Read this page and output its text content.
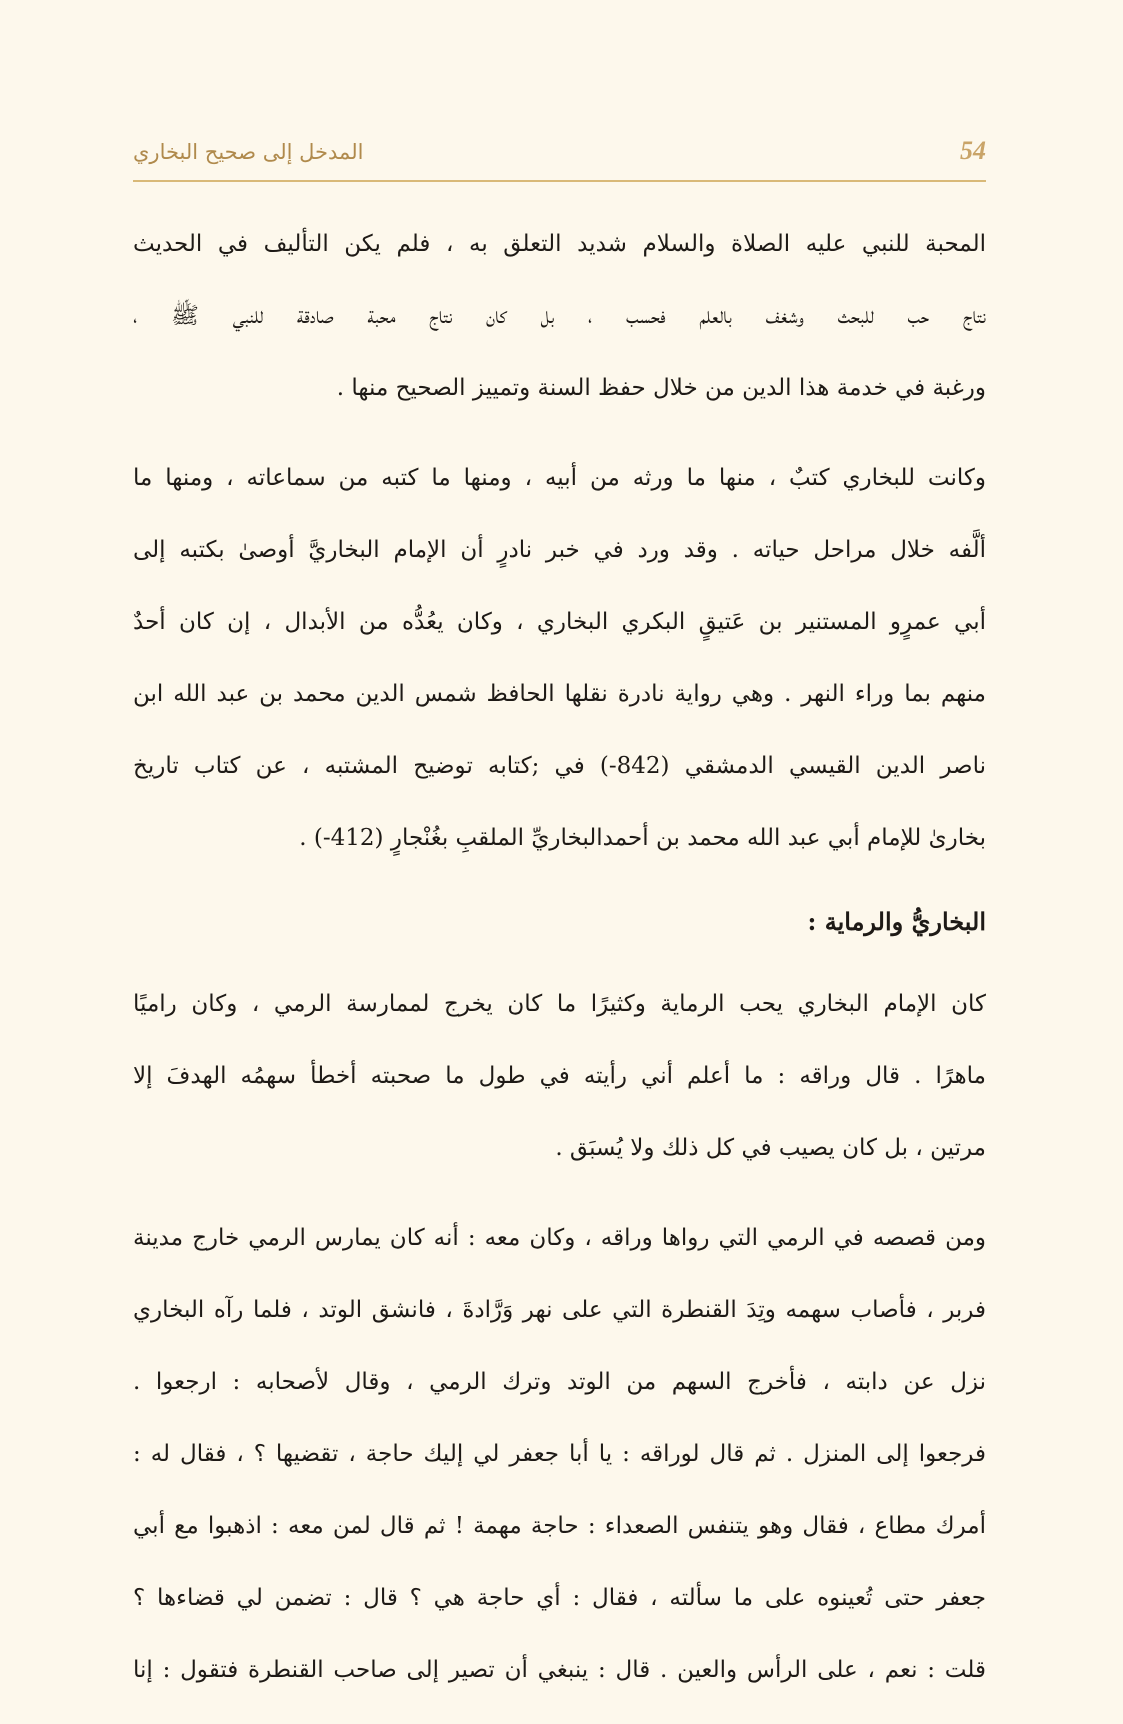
المدخل إلى صحيح البخاري	54

المحبة للنبي عليه الصلاة والسلام شديد التعلق به ، فلم يكن التأليف في الحديث
نتاج حب للبحث وشغف بالعلم فحسب ، بل كان نتاج محبة صادقة للنبي ﷺ ،
ورغبة في خدمة هذا الدين من خلال حفظ السنة وتمييز الصحيح منها .

وكانت للبخاري كتبٌ ، منها ما ورثه من أبيه ، ومنها ما كتبه من سماعاته ، ومنها ما
ألَّفه خلال مراحل حياته . وقد ورد في خبر نادرٍ أن الإمام البخاريَّ أوصىٰ بكتبه إلى
أبي عمرٍو المستنير بن عَتيقٍ البكري البخاري ، وكان يعُدُّه من الأبدال ، إن كان أحدٌ
منهم بما وراء النهر . وهي رواية نادرة نقلها الحافظ شمس الدين محمد بن عبد الله ابن
ناصر الدين القيسي الدمشقي (842-) في ;كتابه توضيح المشتبه ، عن كتاب تاريخ
بخارىٰ للإمام أبي عبد الله محمد بن أحمدالبخاريِّ الملقبِ بغُنْجارٍ (412-) .

البخاريُّ والرماية :

كان الإمام البخاري يحب الرماية وكثيرًا ما كان يخرج لممارسة الرمي ، وكان راميًا
ماهرًا . قال وراقه : ما أعلم أني رأيته في طول ما صحبته أخطأ سهمُه الهدفَ إلا
مرتين ، بل كان يصيب في كل ذلك ولا يُسبَق .

ومن قصصه في الرمي التي رواها وراقه ، وكان معه : أنه كان يمارس الرمي خارج مدينة
فربر ، فأصاب سهمه وتِدَ القنطرة التي على نهر وَرَّادةَ ، فانشق الوتد ، فلما رآه البخاري
نزل عن دابته ، فأخرج السهم من الوتد وترك الرمي ، وقال لأصحابه : ارجعوا .
فرجعوا إلى المنزل . ثم قال لوراقه : يا أبا جعفر لي إليك حاجة ، تقضيها ؟ ، فقال له :
أمرك مطاع ، فقال وهو يتنفس الصعداء : حاجة مهمة ! ثم قال لمن معه : اذهبوا مع أبي
جعفر حتى تُعينوه على ما سألته ، فقال : أي حاجة هي ؟ قال : تضمن لي قضاءها ؟
قلت : نعم ، على الرأس والعين . قال : ينبغي أن تصير إلى صاحب القنطرة فتقول : إنا
